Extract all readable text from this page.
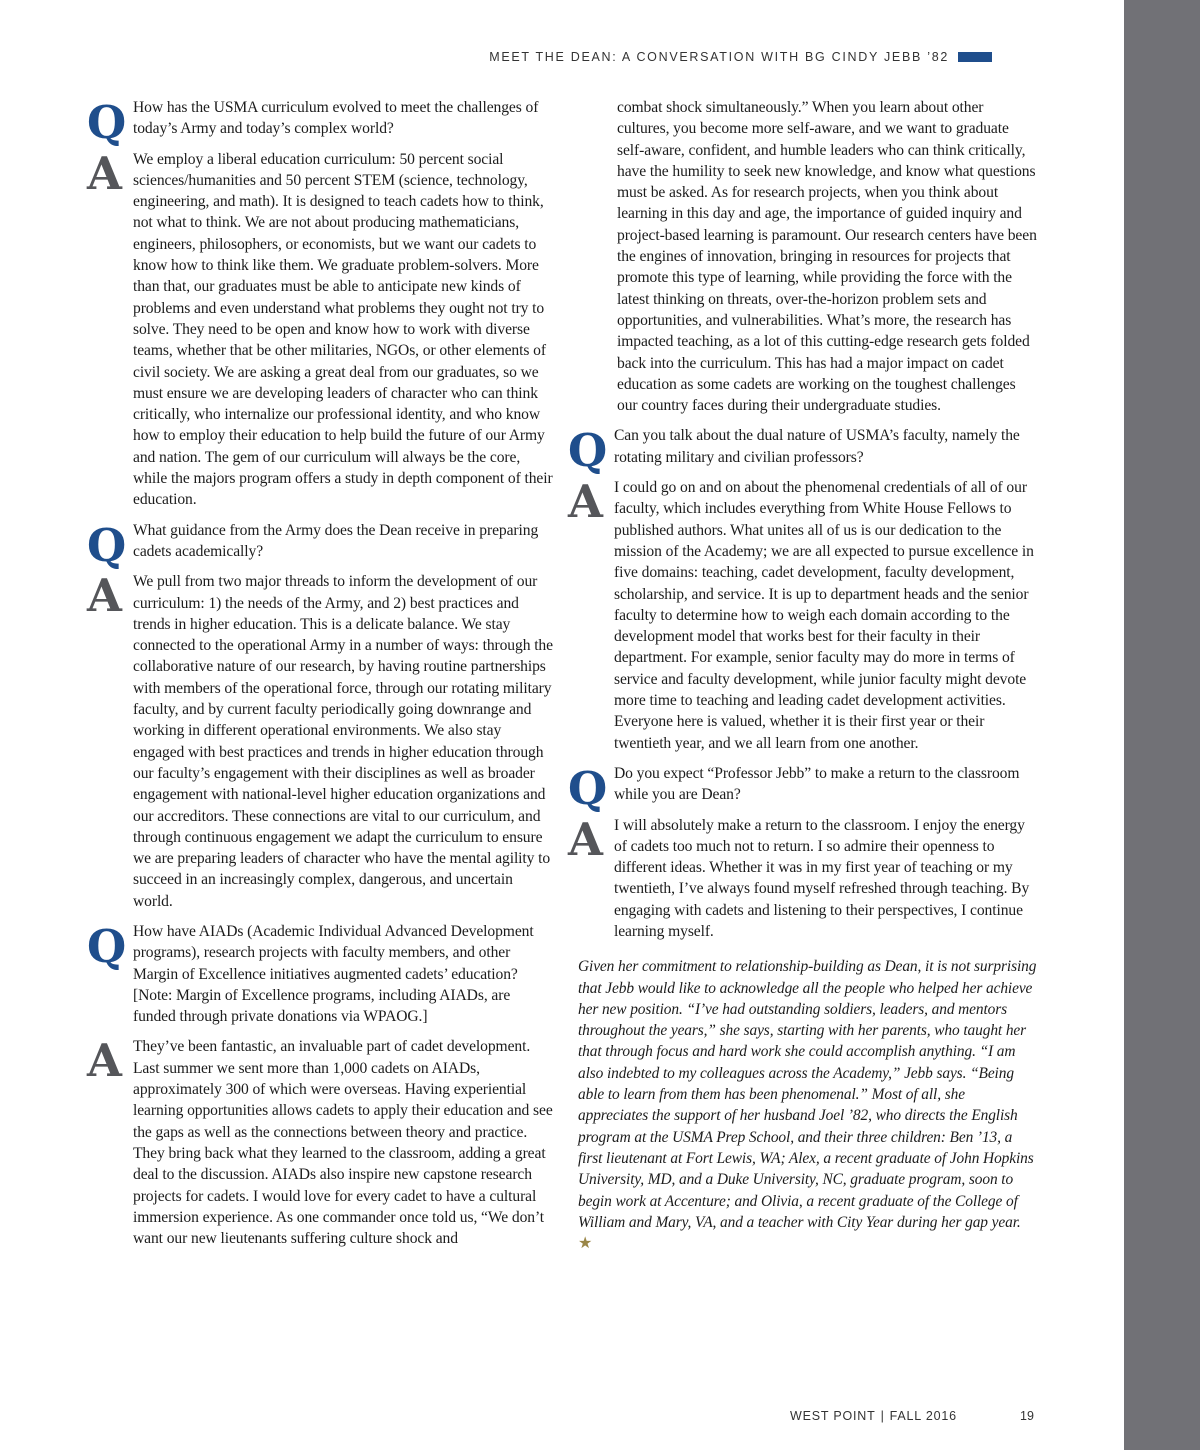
MEET THE DEAN: A CONVERSATION WITH BG CINDY JEBB ’82
Q How has the USMA curriculum evolved to meet the challenges of today’s Army and today’s complex world?
A We employ a liberal education curriculum: 50 percent social sciences/humanities and 50 percent STEM (science, technology, engineering, and math). It is designed to teach cadets how to think, not what to think. We are not about producing mathematicians, engineers, philosophers, or economists, but we want our cadets to know how to think like them. We graduate problem-solvers. More than that, our graduates must be able to anticipate new kinds of problems and even understand what problems they ought not try to solve. They need to be open and know how to work with diverse teams, whether that be other militaries, NGOs, or other elements of civil society. We are asking a great deal from our graduates, so we must ensure we are developing leaders of character who can think critically, who internalize our professional identity, and who know how to employ their education to help build the future of our Army and nation. The gem of our curriculum will always be the core, while the majors program offers a study in depth component of their education.
Q What guidance from the Army does the Dean receive in preparing cadets academically?
A We pull from two major threads to inform the development of our curriculum: 1) the needs of the Army, and 2) best practices and trends in higher education. This is a delicate balance. We stay connected to the operational Army in a number of ways: through the collaborative nature of our research, by having routine partnerships with members of the operational force, through our rotating military faculty, and by current faculty periodically going downrange and working in different operational environments. We also stay engaged with best practices and trends in higher education through our faculty’s engagement with their disciplines as well as broader engagement with national-level higher education organizations and our accreditors. These connections are vital to our curriculum, and through continuous engagement we adapt the curriculum to ensure we are preparing leaders of character who have the mental agility to succeed in an increasingly complex, dangerous, and uncertain world.
Q How have AIADs (Academic Individual Advanced Development programs), research projects with faculty members, and other Margin of Excellence initiatives augmented cadets’ education? [Note: Margin of Excellence programs, including AIADs, are funded through private donations via WPAOG.]
A They’ve been fantastic, an invaluable part of cadet development. Last summer we sent more than 1,000 cadets on AIADs, approximately 300 of which were overseas. Having experiential learning opportunities allows cadets to apply their education and see the gaps as well as the connections between theory and practice. They bring back what they learned to the classroom, adding a great deal to the discussion. AIADs also inspire new capstone research projects for cadets. I would love for every cadet to have a cultural immersion experience. As one commander once told us, “We don’t want our new lieutenants suffering culture shock and
combat shock simultaneously.” When you learn about other cultures, you become more self-aware, and we want to graduate self-aware, confident, and humble leaders who can think critically, have the humility to seek new knowledge, and know what questions must be asked. As for research projects, when you think about learning in this day and age, the importance of guided inquiry and project-based learning is paramount. Our research centers have been the engines of innovation, bringing in resources for projects that promote this type of learning, while providing the force with the latest thinking on threats, over-the-horizon problem sets and opportunities, and vulnerabilities. What’s more, the research has impacted teaching, as a lot of this cutting-edge research gets folded back into the curriculum. This has had a major impact on cadet education as some cadets are working on the toughest challenges our country faces during their undergraduate studies.
Q Can you talk about the dual nature of USMA’s faculty, namely the rotating military and civilian professors?
A I could go on and on about the phenomenal credentials of all of our faculty, which includes everything from White House Fellows to published authors. What unites all of us is our dedication to the mission of the Academy; we are all expected to pursue excellence in five domains: teaching, cadet development, faculty development, scholarship, and service. It is up to department heads and the senior faculty to determine how to weigh each domain according to the development model that works best for their faculty in their department. For example, senior faculty may do more in terms of service and faculty development, while junior faculty might devote more time to teaching and leading cadet development activities. Everyone here is valued, whether it is their first year or their twentieth year, and we all learn from one another.
Q Do you expect “Professor Jebb” to make a return to the classroom while you are Dean?
A I will absolutely make a return to the classroom. I enjoy the energy of cadets too much not to return. I so admire their openness to different ideas. Whether it was in my first year of teaching or my twentieth, I’ve always found myself refreshed through teaching. By engaging with cadets and listening to their perspectives, I continue learning myself.
Given her commitment to relationship-building as Dean, it is not surprising that Jebb would like to acknowledge all the people who helped her achieve her new position. “I’ve had outstanding soldiers, leaders, and mentors throughout the years,” she says, starting with her parents, who taught her that through focus and hard work she could accomplish anything. “I am also indebted to my colleagues across the Academy,” Jebb says. “Being able to learn from them has been phenomenal.” Most of all, she appreciates the support of her husband Joel ’82, who directs the English program at the USMA Prep School, and their three children: Ben ’13, a first lieutenant at Fort Lewis, WA; Alex, a recent graduate of John Hopkins University, MD, and a Duke University, NC, graduate program, soon to begin work at Accenture; and Olivia, a recent graduate of the College of William and Mary, VA, and a teacher with City Year during her gap year. ★
WEST POINT | FALL 2016	19
